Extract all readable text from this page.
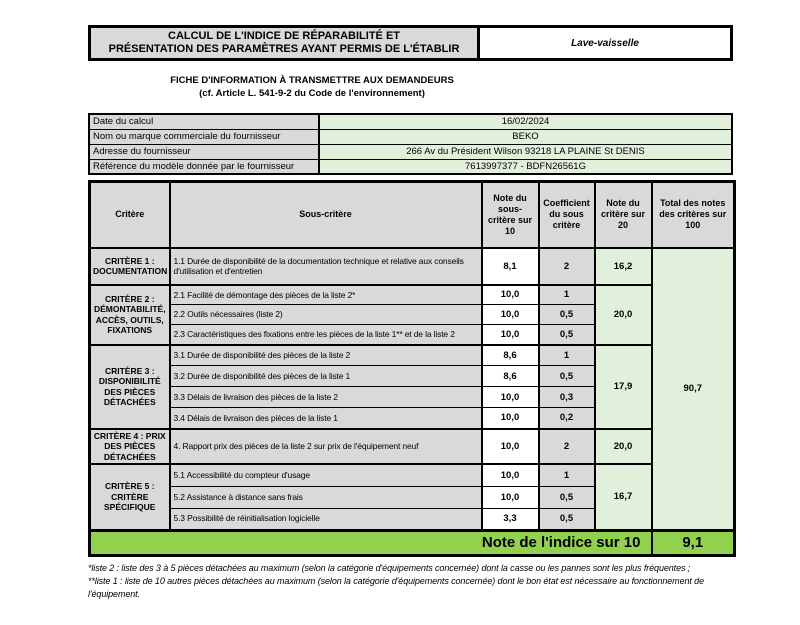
CALCUL DE L'INDICE DE RÉPARABILITÉ ET
PRÉSENTATION DES PARAMÈTRES AYANT PERMIS DE L'ÉTABLIR	Lave-vaisselle
FICHE D'INFORMATION À TRANSMETTRE AUX DEMANDEURS
(cf. Article L. 541-9-2 du Code de l'environnement)
Date du calcul	16/02/2024
Nom ou marque commerciale du fournisseur	BEKO
Adresse du fournisseur	266 Av du Président Wilson 93218 LA PLAINE St DENIS
Référence du modèle donnée par le fournisseur	7613997377 - BDFN26561G
Critère	Sous-critère	Note du sous-critère sur 10	Coefficient du sous critère	Note du critère sur 20	Total des notes des critères sur 100
CRITÈRE 1 : DOCUMENTATION	1.1 Durée de disponibilité de la documentation technique et relative aux conseils d'utilisation et d'entretien	8,1	2	16,2	90,7
CRITÈRE 2 : DÉMONTABILITÉ, ACCÈS, OUTILS, FIXATIONS	2.1 Facilité de démontage des pièces de la liste 2*	10,0	1	20,0	
	2.2 Outils nécessaires (liste 2)	10,0	0,5		
	2.3 Caractéristiques des fixations entre les pièces de la liste 1** et de la liste 2	10,0	0,5		
CRITÈRE 3 : DISPONIBILITÉ DES PIÈCES DÉTACHÉES	3.1 Durée de disponibilité des pièces de la liste 2	8,6	1	17,9	
	3.2 Durée de disponibilité des pièces de la liste 1	8,6	0,5		
	3.3 Délais de livraison des pièces de la liste 2	10,0	0,3		
	3.4 Délais de livraison des pièces de la liste 1	10,0	0,2		
CRITÈRE 4 : PRIX DES PIÈCES DÉTACHÉES	4. Rapport prix des pièces de la liste 2 sur prix de l'équipement neuf	10,0	2	20,0	
CRITÈRE 5 : CRITÈRE SPÉCIFIQUE	5.1 Accessibilité du compteur d'usage	10,0	1	16,7	
	5.2 Assistance à distance sans frais	10,0	0,5		
	5.3 Possibilité de réinitialisation logicielle	3,3	0,5		
Note de l'indice sur 10					9,1
*liste 2 : liste des 3 à 5 pièces détachées au maximum (selon la catégorie d'équipements concernée) dont la casse ou les pannes sont les plus fréquentes ;
**liste 1 : liste de 10 autres pièces détachées au maximum (selon la catégorie d'équipements concernée) dont le bon état est nécessaire au fonctionnement de l'équipement.
